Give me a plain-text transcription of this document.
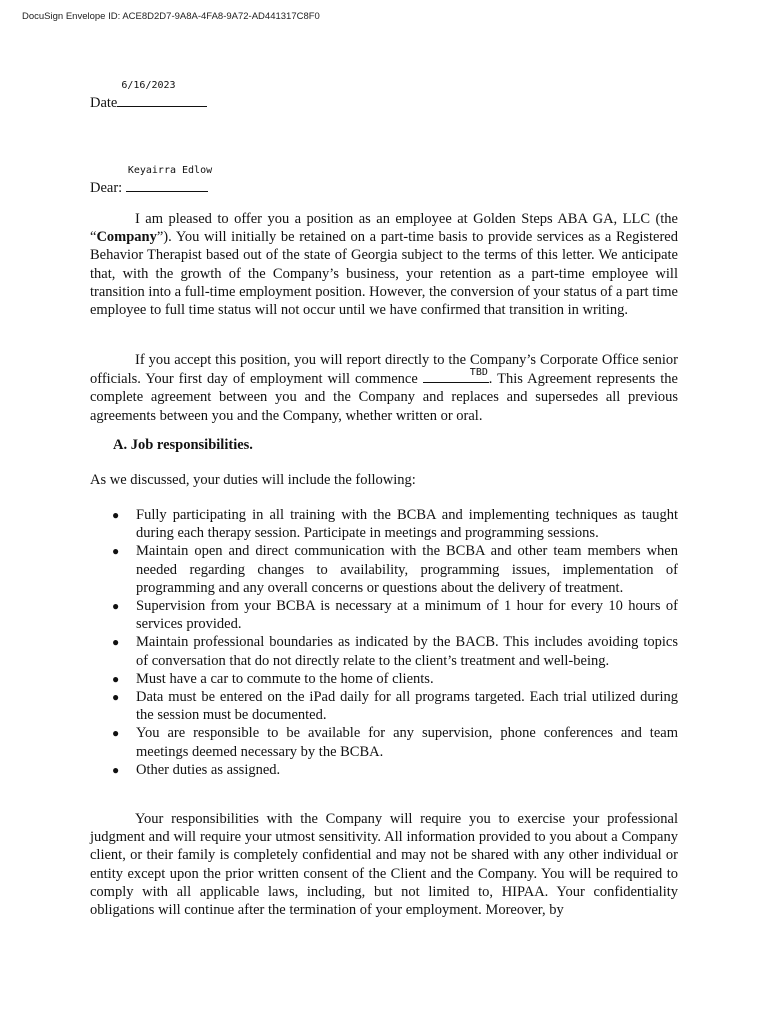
DocuSign Envelope ID: ACE8D2D7-9A8A-4FA8-9A72-AD441317C8F0
Date
6/16/2023
Dear:
Keyairra Edlow

I am pleased to offer you a position as an employee at Golden Steps ABA GA, LLC (the “Company”). You will initially be retained on a part-time basis to provide services as a Registered Behavior Therapist based out of the state of Georgia subject to the terms of this letter. We anticipate that, with the growth of the Company’s business, your retention as a part-time employee will transition into a full-time employment position. However, the conversion of your status of a part time employee to full time status will not occur until we have confirmed that transition in writing.

If you accept this position, you will report directly to the Company’s Corporate Office senior officials. Your first day of employment will commence	TBD . This Agreement represents the complete agreement between you and the Company and replaces and supersedes all previous agreements between you and the Company, whether written or oral.

A. Job responsibilities.
As we discussed, your duties will include the following:
● Fully participating in all training with the BCBA and implementing techniques as taught during each therapy session. Participate in meetings and programming sessions.
● Maintain open and direct communication with the BCBA and other team members when needed regarding changes to availability, programming issues, implementation of programming and any overall concerns or questions about the delivery of treatment.
● Supervision from your BCBA is necessary at a minimum of 1 hour for every 10 hours of services provided.
● Maintain professional boundaries as indicated by the BACB. This includes avoiding topics of conversation that do not directly relate to the client’s treatment and well-being.
● Must have a car to commute to the home of clients.
● Data must be entered on the iPad daily for all programs targeted. Each trial utilized during the session must be documented.
● You are responsible to be available for any supervision, phone conferences and team meetings deemed necessary by the BCBA.
● Other duties as assigned.

Your responsibilities with the Company will require you to exercise your professional judgment and will require your utmost sensitivity. All information provided to you about a Company client, or their family is completely confidential and may not be shared with any other individual or entity except upon the prior written consent of the Client and the Company. You will be required to comply with all applicable laws, including, but not limited to, HIPAA. Your confidentiality obligations will continue after the termination of your employment. Moreover, by
